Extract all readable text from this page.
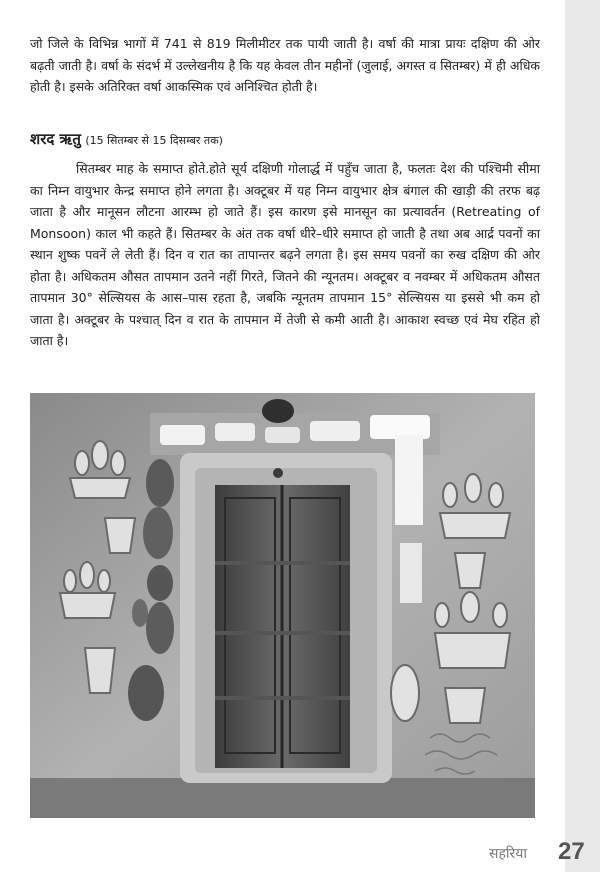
जो जिले के विभिन्न भागों में 741 से 819 मिलीमीटर तक पायी जाती है। वर्षा की मात्रा प्रायः दक्षिण की ओर बढ़ती जाती है। वर्षा के संदर्भ में उल्लेखनीय है कि यह केवल तीन महीनों (जुलाई, अगस्त व सितम्बर) में ही अधिक होती है। इसके अतिरिक्त वर्षा आकस्मिक एवं अनिश्चित होती है।

शरद ऋतु (15 सितम्बर से 15 दिसम्बर तक)

सितम्बर माह के समाप्त होते.होते सूर्य दक्षिणी गोलार्द्ध में पहुँच जाता है, फलतः देश की पश्चिमी सीमा का निम्न वायुभार केन्द्र समाप्त होने लगता है। अक्टूबर में यह निम्न वायुभार क्षेत्र बंगाल की खाड़ी की तरफ बढ़ जाता है और मानूसन लौटना आरम्भ हो जाते हैं। इस कारण इसे मानसून का प्रत्यावर्तन (Retreating of Monsoon) काल भी कहते हैं। सितम्बर के अंत तक वर्षा धीरे–धीरे समाप्त हो जाती है तथा अब आर्द्र पवनों का स्थान शुष्क पवनें ले लेती हैं। दिन व रात का तापान्तर बढ़ने लगता है। इस समय पवनों का रुख दक्षिण की ओर होता है। अधिकतम औसत तापमान उतने नहीं गिरते, जितने की न्यूनतम। अक्टूबर व नवम्बर में अधिकतम औसत तापमान 30° सेल्सियस के आस–पास रहता है, जबकि न्यूनतम तापमान 15° सेल्सियस या इससे भी कम हो जाता है। अक्टूबर के पश्चात् दिन व रात के तापमान में तेजी से कमी आती है। आकाश स्वच्छ एवं मेघ रहित हो जाता है।

सहरिया 27
